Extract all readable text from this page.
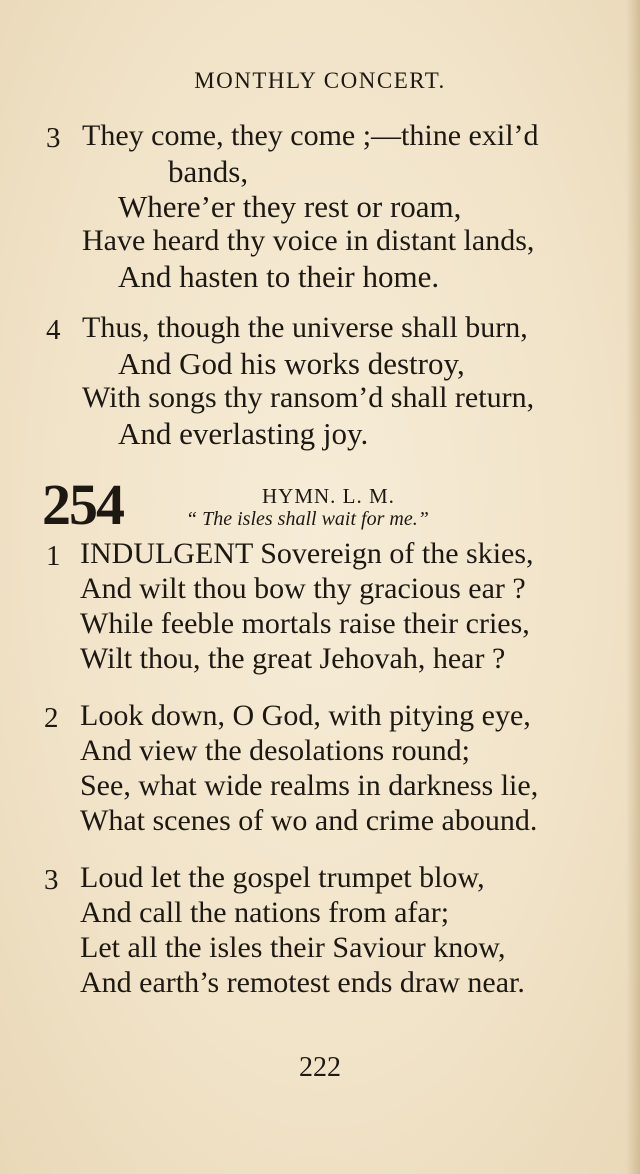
MONTHLY CONCERT.
3 They come, they come ;—thine exil’d
bands,
Where’er they rest or roam,
Have heard thy voice in distant lands,
And hasten to their home.
4 Thus, though the universe shall burn,
And God his works destroy,
With songs thy ransom’d shall return,
And everlasting joy.
254	HYMN. L. M.
“ The isles shall wait for me.”
1 INDULGENT Sovereign of the skies,
And wilt thou bow thy gracious ear ?
While feeble mortals raise their cries,
Wilt thou, the great Jehovah, hear ?
2 Look down, O God, with pitying eye,
And view the desolations round;
See, what wide realms in darkness lie,
What scenes of wo and crime abound.
3 Loud let the gospel trumpet blow,
And call the nations from afar;
Let all the isles their Saviour know,
And earth’s remotest ends draw near.
222
